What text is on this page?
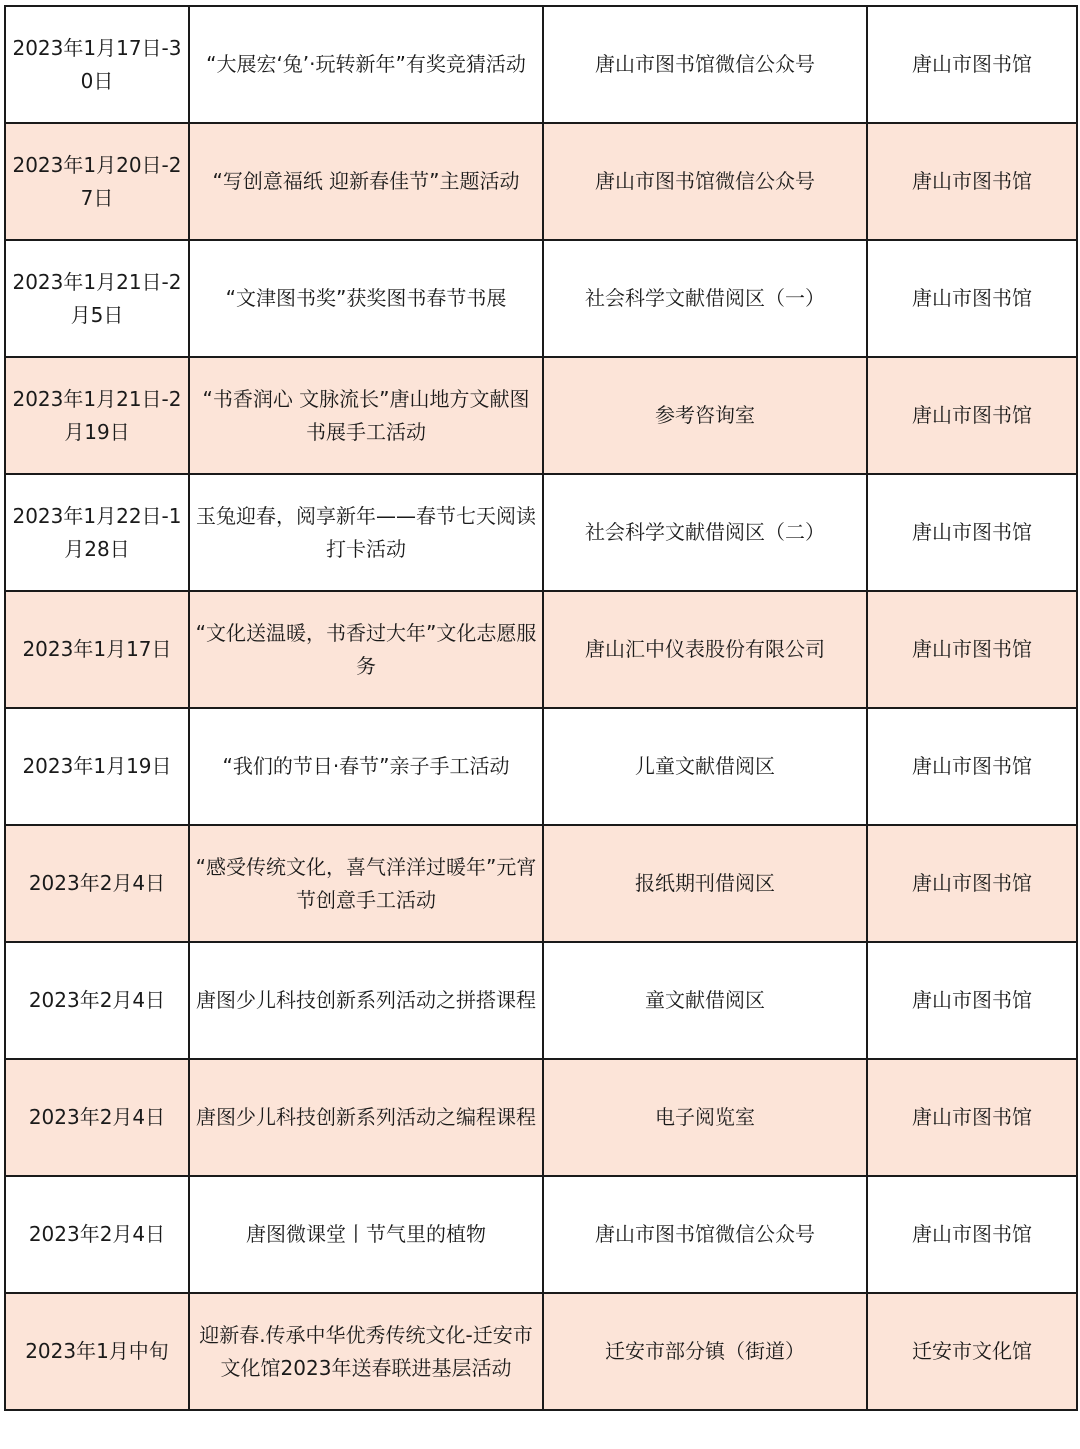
2023年1月17日-30日	“大展宏‘兔’·玩转新年”有奖竞猜活动	唐山市图书馆微信公众号	唐山市图书馆
2023年1月20日-27日	“写创意福纸 迎新春佳节”主题活动	唐山市图书馆微信公众号	唐山市图书馆
2023年1月21日-2月5日	“文津图书奖”获奖图书春节书展	社会科学文献借阅区（一）	唐山市图书馆
2023年1月21日-2月19日	“书香润心 文脉流长”唐山地方文献图书展手工活动	参考咨询室	唐山市图书馆
2023年1月22日-1月28日	玉兔迎春，阅享新年——春节七天阅读打卡活动	社会科学文献借阅区（二）	唐山市图书馆
2023年1月17日	“文化送温暖，书香过大年”文化志愿服务	唐山汇中仪表股份有限公司	唐山市图书馆
2023年1月19日	“我们的节日·春节”亲子手工活动	儿童文献借阅区	唐山市图书馆
2023年2月4日	“感受传统文化，喜气洋洋过暖年”元宵节创意手工活动	报纸期刊借阅区	唐山市图书馆
2023年2月4日	唐图少儿科技创新系列活动之拼搭课程	童文献借阅区	唐山市图书馆
2023年2月4日	唐图少儿科技创新系列活动之编程课程	电子阅览室	唐山市图书馆
2023年2月4日	唐图微课堂丨节气里的植物	唐山市图书馆微信公众号	唐山市图书馆
2023年1月中旬	迎新春.传承中华优秀传统文化-迁安市文化馆2023年送春联进基层活动	迁安市部分镇（街道）	迁安市文化馆
